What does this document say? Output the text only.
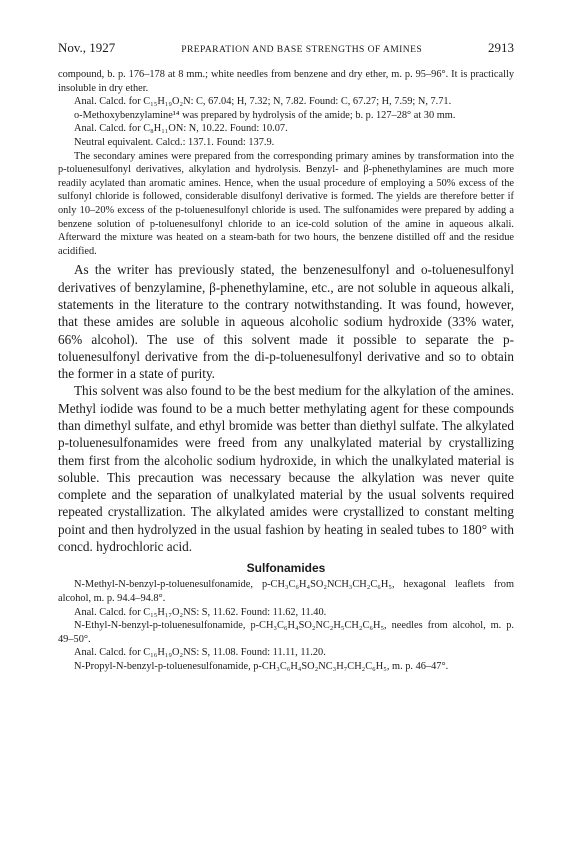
Nov., 1927	PREPARATION AND BASE STRENGTHS OF AMINES	2913

compound, b. p. 176–178 at 8 mm.; white needles from benzene and dry ether, m. p. 95–96°. It is practically insoluble in dry ether.

Anal. Calcd. for C₁₅H₁₉O₂N: C, 67.04; H, 7.32; N, 7.82. Found: C, 67.27; H, 7.59; N, 7.71.

o-Methoxybenzylamine¹⁴ was prepared by hydrolysis of the amide; b. p. 127–28° at 30 mm.

Anal. Calcd. for C₈H₁₁ON: N, 10.22. Found: 10.07.

Neutral equivalent. Calcd.: 137.1. Found: 137.9.

The secondary amines were prepared from the corresponding primary amines by transformation into the p-toluenesulfonyl derivatives, alkylation and hydrolysis. Benzyl- and β-phenethylamines are much more readily acylated than aromatic amines. Hence, when the usual procedure of employing a 50% excess of the sulfonyl chloride is followed, considerable disulfonyl derivative is formed. The yields are therefore better if only 10–20% excess of the p-toluenesulfonyl chloride is used. The sulfonamides were prepared by adding a benzene solution of p-toluenesulfonyl chloride to an ice-cold solution of the amine in aqueous alkali. Afterward the mixture was heated on a steam-bath for two hours, the benzene distilled off and the residue acidified.

As the writer has previously stated, the benzenesulfonyl and o-toluenesulfonyl derivatives of benzylamine, β-phenethylamine, etc., are not soluble in aqueous alkali, statements in the literature to the contrary notwithstanding. It was found, however, that these amides are soluble in aqueous alcoholic sodium hydroxide (33% water, 66% alcohol). The use of this solvent made it possible to separate the p-toluenesulfonyl derivative from the di-p-toluenesulfonyl derivative and so to obtain the former in a state of purity.

This solvent was also found to be the best medium for the alkylation of the amines. Methyl iodide was found to be a much better methylating agent for these compounds than dimethyl sulfate, and ethyl bromide was better than diethyl sulfate. The alkylated p-toluenesulfonamides were freed from any unalkylated material by crystallizing them first from the alcoholic sodium hydroxide, in which the unalkylated material is soluble. This precaution was necessary because the alkylation was never quite complete and the separation of unalkylated material by the usual solvents required repeated crystallization. The alkylated amides were crystallized to constant melting point and then hydrolyzed in the usual fashion by heating in sealed tubes to 180° with concd. hydrochloric acid.

Sulfonamides

N-Methyl-N-benzyl-p-toluenesulfonamide, p-CH₃C₆H₄SO₂NCH₃CH₂C₆H₅, hexagonal leaflets from alcohol, m. p. 94.4–94.8°.

Anal. Calcd. for C₁₅H₁₇O₂NS: S, 11.62. Found: 11.62, 11.40.

N-Ethyl-N-benzyl-p-toluenesulfonamide, p-CH₃C₆H₄SO₂NC₂H₅CH₂C₆H₅, needles from alcohol, m. p. 49–50°.

Anal. Calcd. for C₁₆H₁₉O₂NS: S, 11.08. Found: 11.11, 11.20.

N-Propyl-N-benzyl-p-toluenesulfonamide, p-CH₃C₆H₄SO₂NC₃H₇CH₂C₆H₅, m. p. 46–47°.
